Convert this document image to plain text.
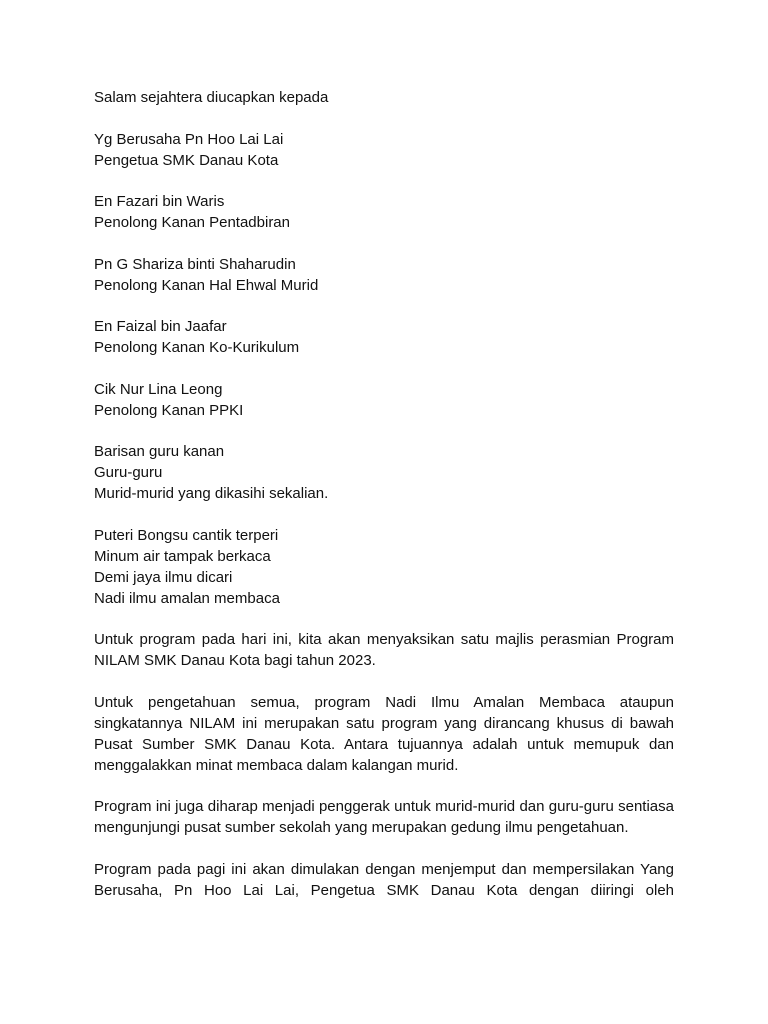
Salam sejahtera diucapkan kepada
Yg Berusaha Pn Hoo Lai Lai
Pengetua SMK Danau Kota
En Fazari bin Waris
Penolong Kanan Pentadbiran
Pn G Shariza binti Shaharudin
Penolong Kanan Hal Ehwal Murid
En Faizal bin Jaafar
Penolong Kanan Ko-Kurikulum
Cik Nur Lina Leong
Penolong Kanan PPKI
Barisan guru kanan
Guru-guru
Murid-murid yang dikasihi sekalian.
Puteri Bongsu cantik terperi
Minum air tampak berkaca
Demi jaya ilmu dicari
Nadi ilmu amalan membaca

Untuk program pada hari ini, kita akan menyaksikan satu majlis perasmian Program NILAM SMK Danau Kota bagi tahun 2023.

Untuk pengetahuan semua, program Nadi Ilmu Amalan Membaca ataupun singkatannya NILAM ini merupakan satu program yang dirancang khusus di bawah Pusat Sumber SMK Danau Kota. Antara tujuannya adalah untuk memupuk dan menggalakkan minat membaca dalam kalangan murid.

Program ini juga diharap menjadi penggerak untuk murid-murid dan guru-guru sentiasa mengunjungi pusat sumber sekolah yang merupakan gedung ilmu pengetahuan.

Program pada pagi ini akan dimulakan dengan menjemput dan mempersilakan Yang Berusaha, Pn Hoo Lai Lai, Pengetua SMK Danau Kota dengan diiringi oleh
